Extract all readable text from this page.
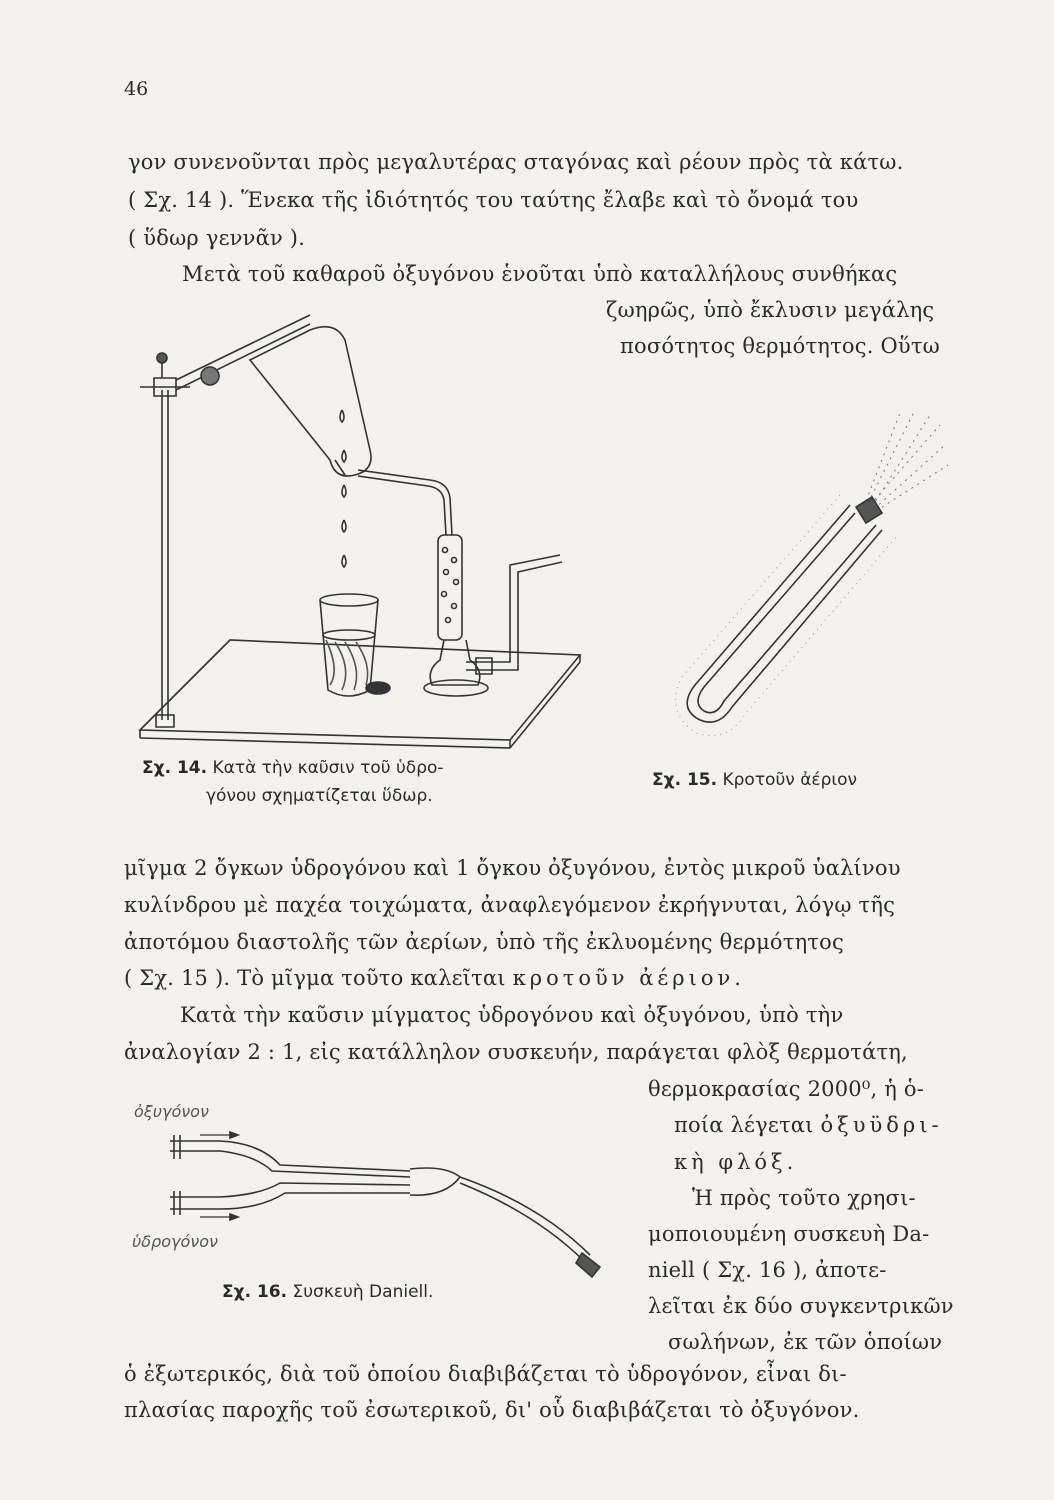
46
γον συνενοῦνται πρὸς μεγαλυτέρας σταγόνας καὶ ρέουν πρὸς τὰ κάτω.
( Σχ. 14 ). Ἕνεκα τῆς ἰδιότητός του ταύτης ἔλαβε καὶ τὸ ὄνομά του
( ὕδωρ γεννᾶν ).
Μετὰ τοῦ καθαροῦ ὀξυγόνου ἑνοῦται ὑπὸ καταλλήλους συνθήκας
ζωηρῶς, ὑπὸ ἔκλυσιν μεγάλης
ποσότητος θερμότητος. Οὕτω
Σχ. 14. Κατὰ τὴν καῦσιν τοῦ ὑδρο-
γόνου σχηματίζεται ὕδωρ.
Σχ. 15. Κροτοῦν ἀέριον
μῖγμα 2 ὄγκων ὑδρογόνου καὶ 1 ὄγκου ὀξυγόνου, ἐντὸς μικροῦ ὑαλίνου
κυλίνδρου μὲ παχέα τοιχώματα, ἀναφλεγόμενον ἐκρήγνυται, λόγῳ τῆς
ἀποτόμου διαστολῆς τῶν ἀερίων, ὑπὸ τῆς ἐκλυομένης θερμότητος
( Σχ. 15 ). Τὸ μῖγμα τοῦτο καλεῖται κροτοῦν ἀέριον.
Κατὰ τὴν καῦσιν μίγματος ὑδρογόνου καὶ ὀξυγόνου, ὑπὸ τὴν
ἀναλογίαν 2 : 1, εἰς κατάλληλον συσκευήν, παράγεται φλὸξ θερμοτάτη,
θερμοκρασίας 2000⁰, ἡ ὁ-
ποία λέγεται ὀξυϋδρι-
κὴ φλόξ.
Ἡ πρὸς τοῦτο χρησι-
μοποιουμένη συσκευὴ Da-
niell ( Σχ. 16 ), ἀποτε-
λεῖται ἐκ δύο συγκεντρικῶν
σωλήνων, ἐκ τῶν ὁποίων
ὀξυγόνον
ὑδρογόνον
Σχ. 16. Συσκευὴ Daniell.
ὁ ἐξωτερικός, διὰ τοῦ ὁποίου διαβιβάζεται τὸ ὑδρογόνον, εἶναι δι-
πλασίας παροχῆς τοῦ ἐσωτερικοῦ, δι' οὗ διαβιβάζεται τὸ ὀξυγόνον.
